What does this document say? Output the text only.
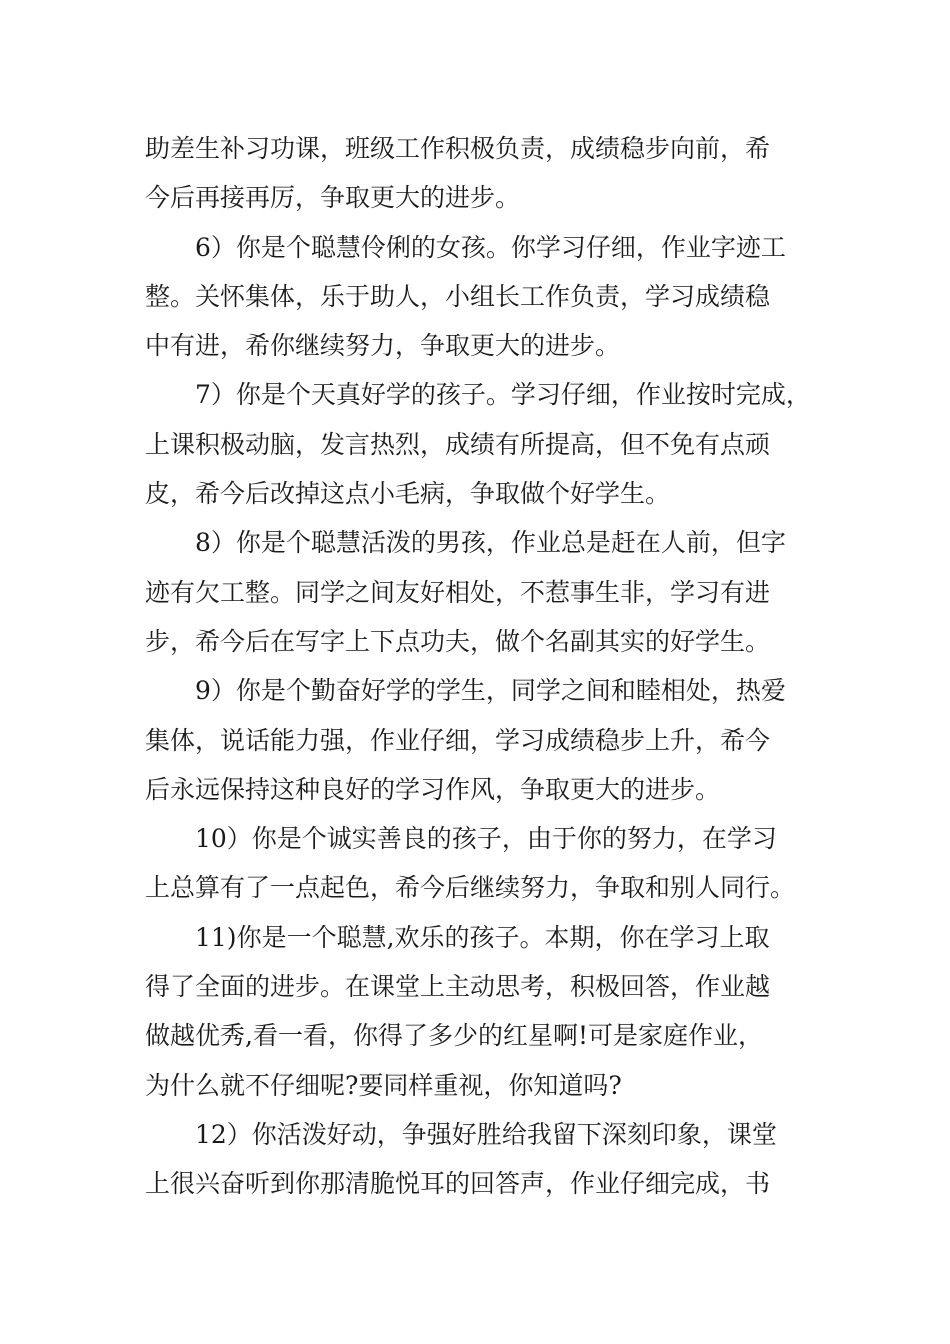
助差生补习功课，班级工作积极负责，成绩稳步向前，希
今后再接再厉，争取更大的进步。
6）你是个聪慧伶俐的女孩。你学习仔细，作业字迹工
整。关怀集体，乐于助人，小组长工作负责，学习成绩稳
中有进，希你继续努力，争取更大的进步。
7）你是个天真好学的孩子。学习仔细，作业按时完成，
上课积极动脑，发言热烈，成绩有所提高，但不免有点顽
皮，希今后改掉这点小毛病，争取做个好学生。
8）你是个聪慧活泼的男孩，作业总是赶在人前，但字
迹有欠工整。同学之间友好相处，不惹事生非，学习有进
步，希今后在写字上下点功夫，做个名副其实的好学生。
9）你是个勤奋好学的学生，同学之间和睦相处，热爱
集体，说话能力强，作业仔细，学习成绩稳步上升，希今
后永远保持这种良好的学习作风，争取更大的进步。
10）你是个诚实善良的孩子，由于你的努力，在学习
上总算有了一点起色，希今后继续努力，争取和别人同行。
11)你是一个聪慧,欢乐的孩子。本期，你在学习上取
得了全面的进步。在课堂上主动思考，积极回答，作业越
做越优秀,看一看，你得了多少的红星啊!可是家庭作业，
为什么就不仔细呢?要同样重视，你知道吗?
12）你活泼好动，争强好胜给我留下深刻印象，课堂
上很兴奋听到你那清脆悦耳的回答声，作业仔细完成，书
